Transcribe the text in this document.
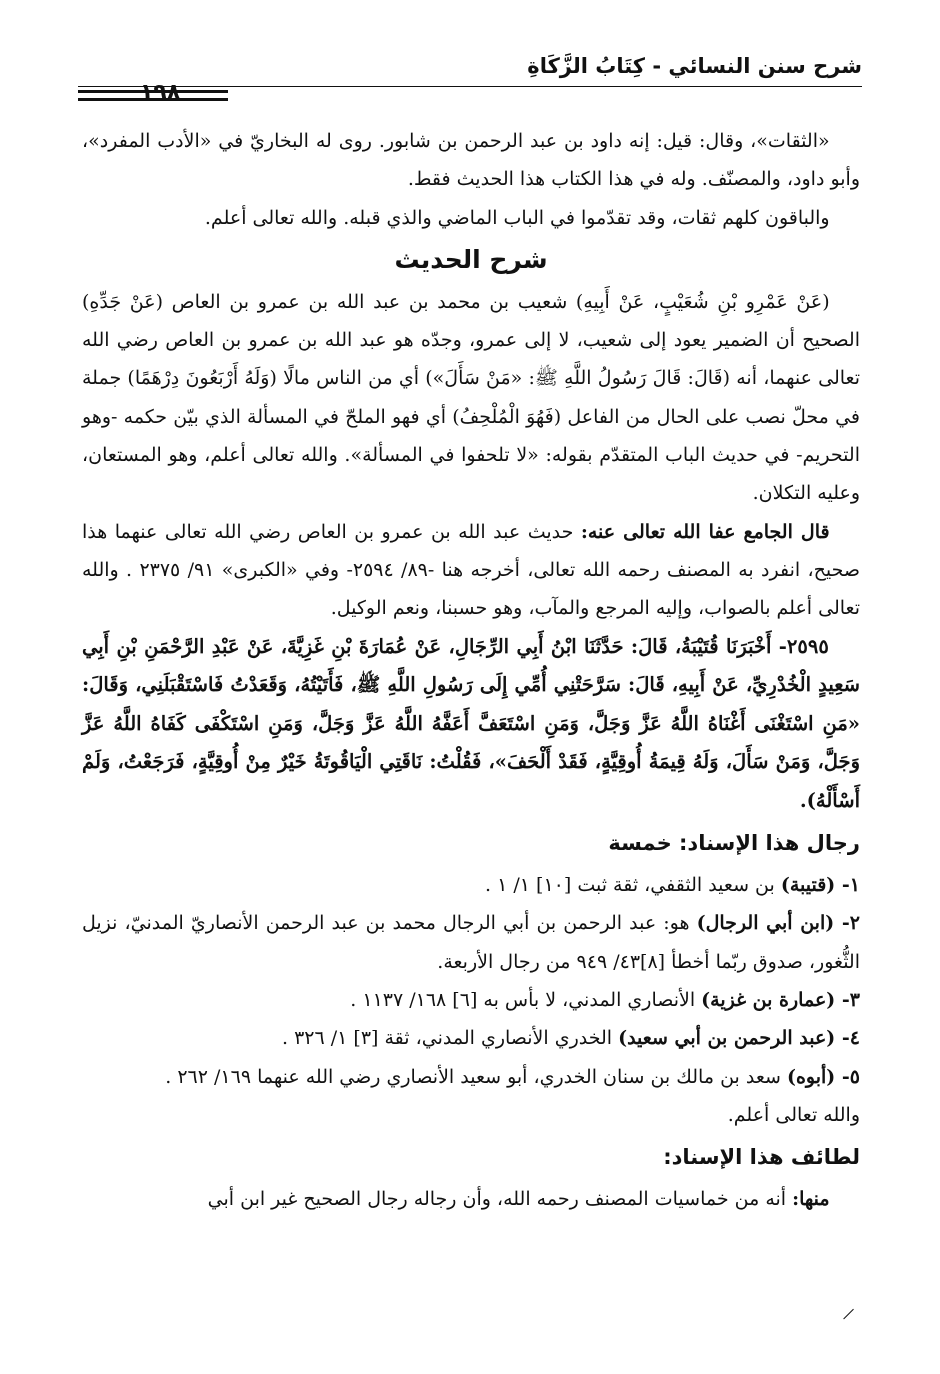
شرح سنن النسائي - كِتَابُ الزَّكَاةِ
١٩٨

«الثقات»، وقال: قيل: إنه داود بن عبد الرحمن بن شابور. روى له البخاريّ في «الأدب المفرد»، وأبو داود، والمصنّف. وله في هذا الكتاب هذا الحديث فقط.

والباقون كلهم ثقات، وقد تقدّموا في الباب الماضي والذي قبله. والله تعالى أعلم.

شرح الحديث

(عَنْ عَمْرِو بْنِ شُعَيْبٍ، عَنْ أَبِيهِ) شعيب بن محمد بن عبد الله بن عمرو بن العاص (عَنْ جَدِّهِ) الصحيح أن الضمير يعود إلى شعيب، لا إلى عمرو، وجدّه هو عبد الله بن عمرو بن العاص رضي الله تعالى عنهما، أنه (قَالَ: قَالَ رَسُولُ اللَّهِ ﷺ: «مَنْ سَأَلَ») أي من الناس مالًا (وَلَهُ أَرْبَعُونَ دِرْهَمًا) جملة في محلّ نصب على الحال من الفاعل (فَهُوَ الْمُلْحِفُ) أي فهو الملحّ في المسألة الذي بيّن حكمه -وهو التحريم- في حديث الباب المتقدّم بقوله: «لا تلحفوا في المسألة». والله تعالى أعلم، وهو المستعان، وعليه التكلان.

قال الجامع عفا الله تعالى عنه: حديث عبد الله بن عمرو بن العاص رضي الله تعالى عنهما هذا صحيح، انفرد به المصنف رحمه الله تعالى، أخرجه هنا -٨٩/ ٢٥٩٤- وفي «الكبرى» ٩١/ ٢٣٧٥ . والله تعالى أعلم بالصواب، وإليه المرجع والمآب، وهو حسبنا، ونعم الوكيل.

٢٥٩٥- أَخْبَرَنَا قُتَيْبَةُ، قَالَ: حَدَّثَنَا ابْنُ أَبِي الرِّجَالِ، عَنْ عُمَارَةَ بْنِ غَزِيَّةَ، عَنْ عَبْدِ الرَّحْمَنِ بْنِ أَبِي سَعِيدٍ الْخُدْرِيِّ، عَنْ أَبِيهِ، قَالَ: سَرَّحَتْنِي أُمِّي إِلَى رَسُولِ اللَّهِ ﷺ، فَأَتَيْتُهُ، وَقَعَدْتُ فَاسْتَقْبَلَنِي، وَقَالَ: «مَنِ اسْتَغْنَى أَغْنَاهُ اللَّهُ عَزَّ وَجَلَّ، وَمَنِ اسْتَعَفَّ أَعَفَّهُ اللَّهُ عَزَّ وَجَلَّ، وَمَنِ اسْتَكْفَى كَفَاهُ اللَّهُ عَزَّ وَجَلَّ، وَمَنْ سَأَلَ، وَلَهُ قِيمَةُ أُوقِيَّةٍ، فَقَدْ أَلْحَفَ»، فَقُلْتُ: نَاقَتِي الْيَاقُوتَةُ خَيْرٌ مِنْ أُوقِيَّةٍ، فَرَجَعْتُ، وَلَمْ أَسْأَلْهُ).

رجال هذا الإسناد: خمسة

١- (قتيبة) بن سعيد الثقفي، ثقة ثبت [١٠] ١/ ١ .

٢- (ابن أبي الرجال) هو: عبد الرحمن بن أبي الرجال محمد بن عبد الرحمن الأنصاريّ المدنيّ، نزيل الثُّغور، صدوق ربّما أخطأ [٨]٤٣/ ٩٤٩ من رجال الأربعة.

٣- (عمارة بن غزية) الأنصاري المدني، لا بأس به [٦] ١٦٨/ ١١٣٧ .

٤- (عبد الرحمن بن أبي سعيد) الخدري الأنصاري المدني، ثقة [٣] ١/ ٣٢٦ .

٥- (أبوه) سعد بن مالك بن سنان الخدري، أبو سعيد الأنصاري رضي الله عنهما ١٦٩/ ٢٦٢ .

والله تعالى أعلم.

لطائف هذا الإسناد:

منها: أنه من خماسيات المصنف رحمه الله، وأن رجاله رجال الصحيح غير ابن أبي
